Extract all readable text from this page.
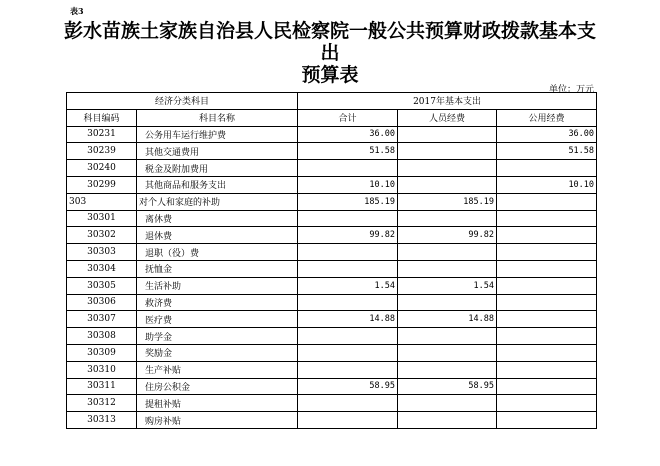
表3
彭水苗族土家族自治县人民检察院一般公共预算财政拨款基本支出
预算表
单位：万元
经济分类科目		2017年基本支出		
科目编码	科目名称	合计	人员经费	公用经费
30231	公务用车运行维护费	36.00		36.00
30239	其他交通费用	51.58		51.58
30240	税金及附加费用			
30299	其他商品和服务支出	10.10		10.10
303	对个人和家庭的补助	185.19	185.19	
30301	离休费			
30302	退休费	99.82	99.82	
30303	退职（役）费			
30304	抚恤金			
30305	生活补助	1.54	1.54	
30306	救济费			
30307	医疗费	14.88	14.88	
30308	助学金			
30309	奖励金			
30310	生产补贴			
30311	住房公积金	58.95	58.95	
30312	提租补贴			
30313	购房补贴			
